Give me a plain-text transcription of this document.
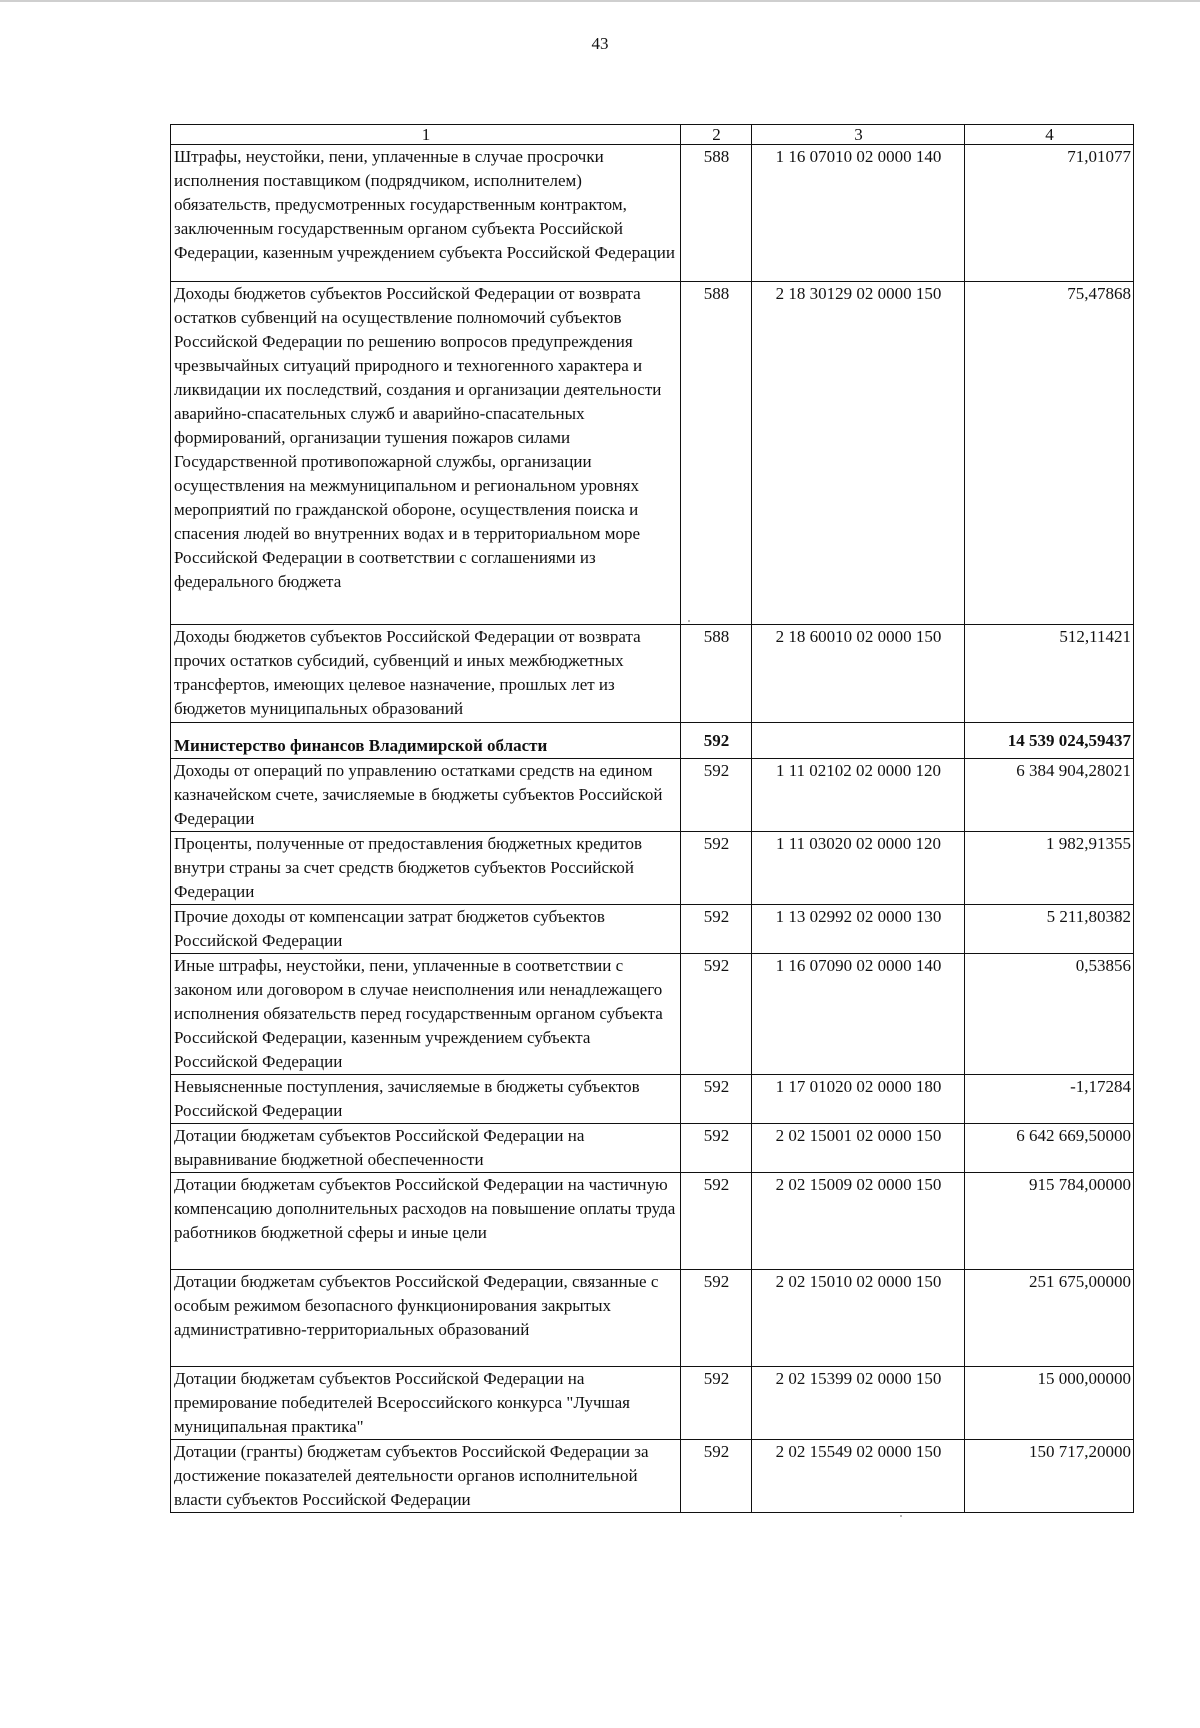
43
1	2	3	4
Штрафы, неустойки, пени, уплаченные в случае просрочки исполнения поставщиком (подрядчиком, исполнителем) обязательств, предусмотренных государственным контрактом, заключенным государственным органом субъекта Российской Федерации, казенным учреждением субъекта Российской Федерации	588	1 16 07010 02 0000 140	71,01077
Доходы бюджетов субъектов Российской Федерации от возврата остатков субвенций на осуществление полномочий субъектов Российской Федерации по решению вопросов предупреждения чрезвычайных ситуаций природного и техногенного характера и ликвидации их последствий, создания и организации деятельности аварийно-спасательных служб и аварийно-спасательных формирований, организации тушения пожаров силами Государственной противопожарной службы, организации осуществления на межмуниципальном и региональном уровнях мероприятий по гражданской обороне, осуществления поиска и спасения людей во внутренних водах и в территориальном море Российской Федерации в соответствии с соглашениями из федерального бюджета	588	2 18 30129 02 0000 150	75,47868
Доходы бюджетов субъектов Российской Федерации от возврата прочих остатков субсидий, субвенций и иных межбюджетных трансфертов, имеющих целевое назначение, прошлых лет из бюджетов муниципальных образований	588	2 18 60010 02 0000 150	512,11421
Министерство финансов Владимирской области	592		14 539 024,59437
Доходы от операций по управлению остатками средств на едином казначейском счете, зачисляемые в бюджеты субъектов Российской Федерации	592	1 11 02102 02 0000 120	6 384 904,28021
Проценты, полученные от предоставления бюджетных кредитов внутри страны за счет средств бюджетов субъектов Российской Федерации	592	1 11 03020 02 0000 120	1 982,91355
Прочие доходы от компенсации затрат бюджетов субъектов Российской Федерации	592	1 13 02992 02 0000 130	5 211,80382
Иные штрафы, неустойки, пени, уплаченные в соответствии с законом или договором в случае неисполнения или ненадлежащего исполнения обязательств перед государственным органом субъекта Российской Федерации, казенным учреждением субъекта Российской Федерации	592	1 16 07090 02 0000 140	0,53856
Невыясненные поступления, зачисляемые в бюджеты субъектов Российской Федерации	592	1 17 01020 02 0000 180	-1,17284
Дотации бюджетам субъектов Российской Федерации на выравнивание бюджетной обеспеченности	592	2 02 15001 02 0000 150	6 642 669,50000
Дотации бюджетам субъектов Российской Федерации на частичную компенсацию дополнительных расходов на повышение оплаты труда работников бюджетной сферы и иные цели	592	2 02 15009 02 0000 150	915 784,00000
Дотации бюджетам субъектов Российской Федерации, связанные с особым режимом безопасного функционирования закрытых административно-территориальных образований	592	2 02 15010 02 0000 150	251 675,00000
Дотации бюджетам субъектов Российской Федерации на премирование победителей Всероссийского конкурса "Лучшая муниципальная практика"	592	2 02 15399 02 0000 150	15 000,00000
Дотации (гранты) бюджетам субъектов Российской Федерации за достижение показателей деятельности органов исполнительной власти субъектов Российской Федерации	592	2 02 15549 02 0000 150	150 717,20000
